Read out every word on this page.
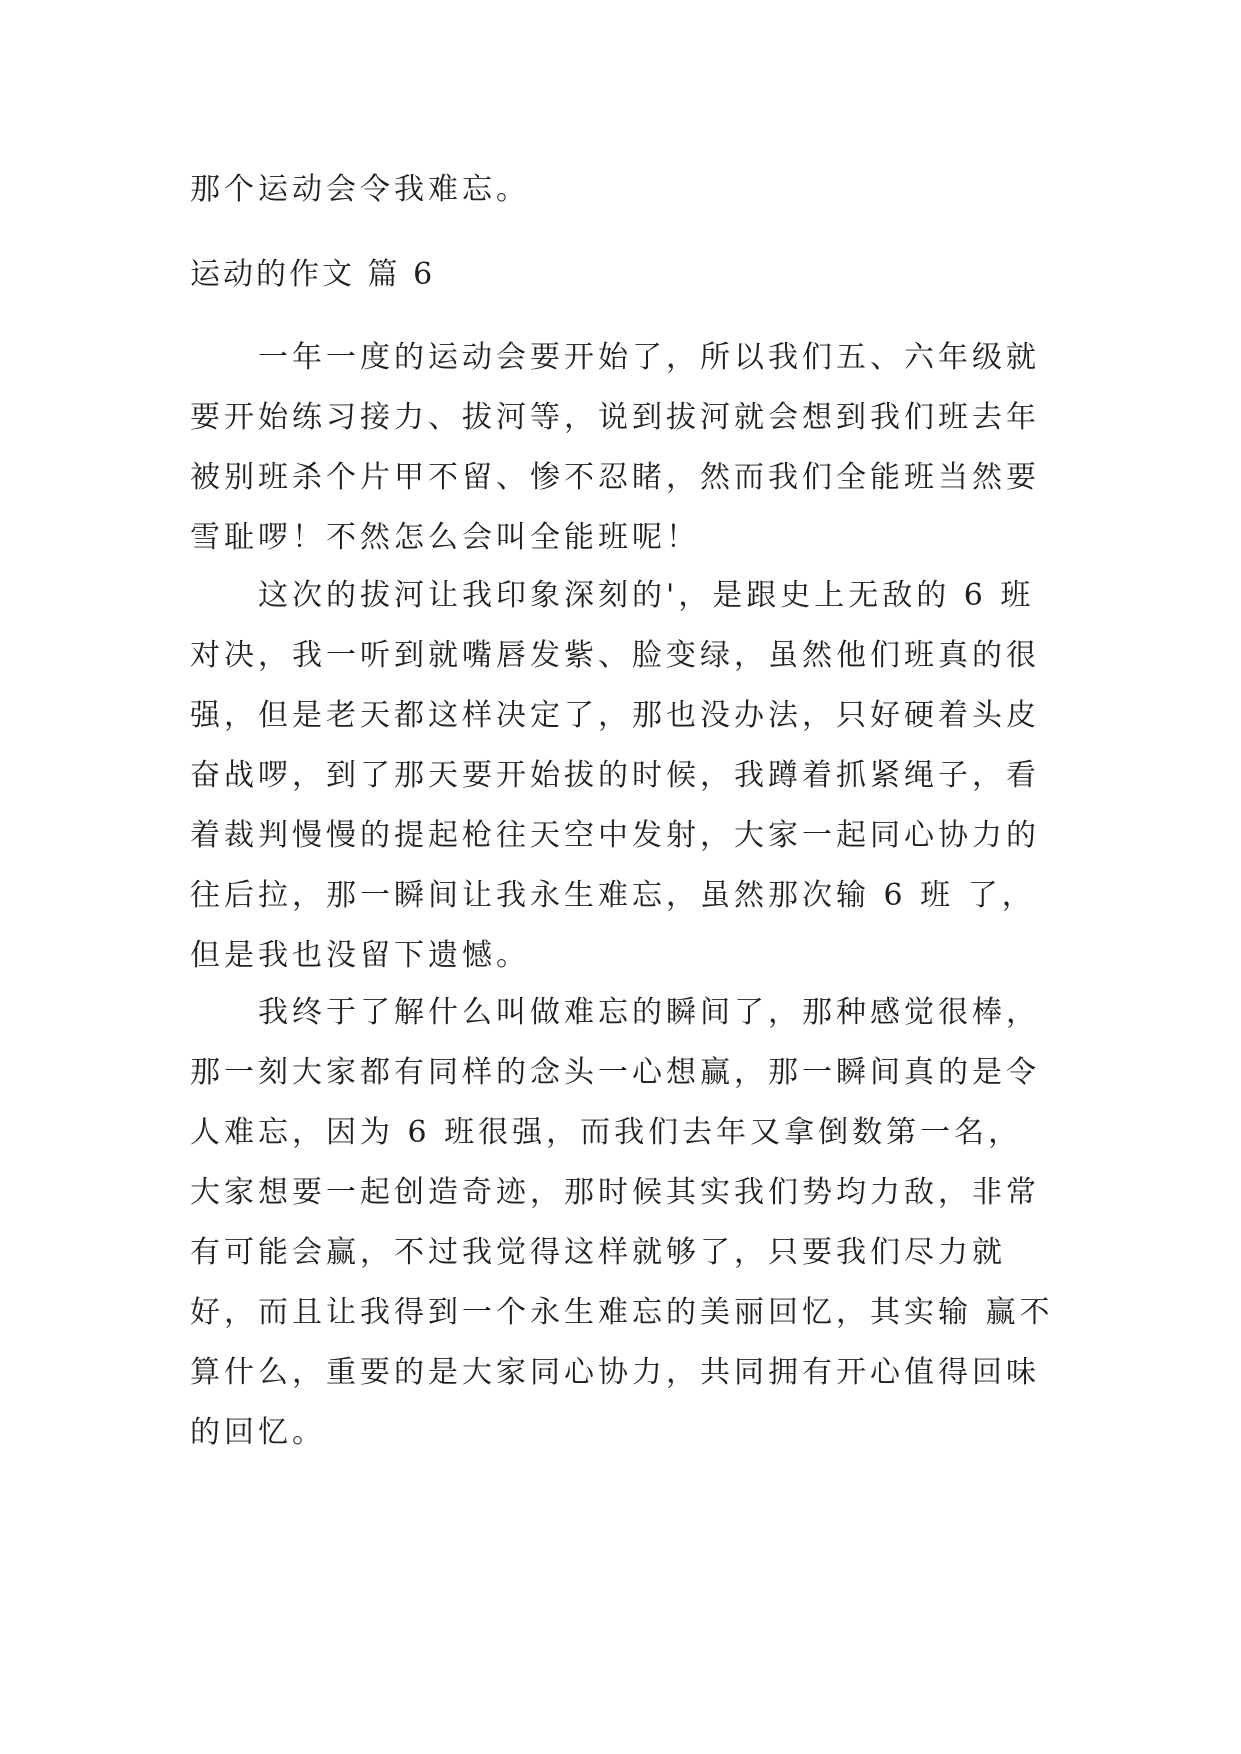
那个运动会令我难忘。
运动的作文 篇 6
一年一度的运动会要开始了，所以我们五、六年级就要开始练习接力、拔河等，说到拔河就会想到我们班去年被别班杀个片甲不留、惨不忍睹，然而我们全能班当然要雪耻啰！不然怎么会叫全能班呢！
这次的拔河让我印象深刻的'，是跟史上无敌的 6 班对决，我一听到就嘴唇发紫、脸变绿，虽然他们班真的很强，但是老天都这样决定了，那也没办法，只好硬着头皮 奋战啰，到了那天要开始拔的时候，我蹲着抓紧绳子，看着裁判慢慢的提起枪往天空中发射，大家一起同心协力的往后拉，那一瞬间让我永生难忘，虽然那次输 6 班 了，但是我也没留下遗憾。
我终于了解什么叫做难忘的瞬间了，那种感觉很棒，那一刻大家都有同样的念头一心想赢，那一瞬间真的是令人难忘，因为 6 班很强，而我们去年又拿倒数第一名， 大家想要一起创造奇迹，那时候其实我们势均力敌，非常有可能会赢，不过我觉得这样就够了，只要我们尽力就好，而且让我得到一个永生难忘的美丽回忆，其实输 赢不算什么，重要的是大家同心协力，共同拥有开心值得回味的回忆。
